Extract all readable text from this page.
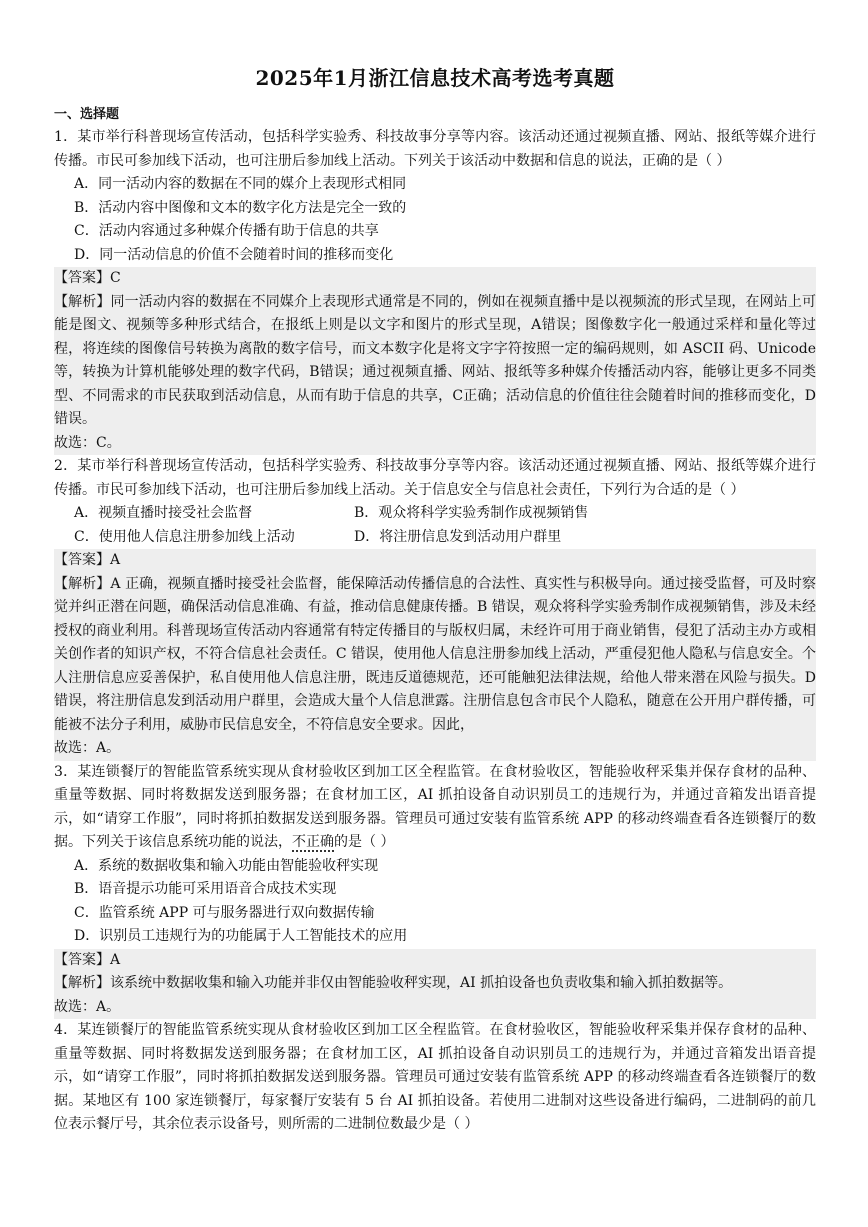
2025年1月浙江信息技术高考选考真题
一、选择题

1．某市举行科普现场宣传活动，包括科学实验秀、科技故事分享等内容。该活动还通过视频直播、网站、报纸等媒介进行传播。市民可参加线下活动，也可注册后参加线上活动。下列关于该活动中数据和信息的说法，正确的是（ ）

A．同一活动内容的数据在不同的媒介上表现形式相同
B．活动内容中图像和文本的数字化方法是完全一致的
C．活动内容通过多种媒介传播有助于信息的共享
D．同一活动信息的价值不会随着时间的推移而变化

【答案】C

【解析】同一活动内容的数据在不同媒介上表现形式通常是不同的，例如在视频直播中是以视频流的形式呈现，在网站上可能是图文、视频等多种形式结合，在报纸上则是以文字和图片的形式呈现，A错误；图像数字化一般通过采样和量化等过程，将连续的图像信号转换为离散的数字信号，而文本数字化是将文字字符按照一定的编码规则，如 ASCII 码、Unicode 等，转换为计算机能够处理的数字代码，B错误；通过视频直播、网站、报纸等多种媒介传播活动内容，能够让更多不同类型、不同需求的市民获取到活动信息，从而有助于信息的共享，C正确；活动信息的价值往往会随着时间的推移而变化，D错误。

故选：C。

2．某市举行科普现场宣传活动，包括科学实验秀、科技故事分享等内容。该活动还通过视频直播、网站、报纸等媒介进行传播。市民可参加线下活动，也可注册后参加线上活动。关于信息安全与信息社会责任，下列行为合适的是（ ）

A．视频直播时接受社会监督	B．观众将科学实验秀制作成视频销售
C．使用他人信息注册参加线上活动	D．将注册信息发到活动用户群里

【答案】A

【解析】A 正确，视频直播时接受社会监督，能保障活动传播信息的合法性、真实性与积极导向。通过接受监督，可及时察觉并纠正潜在问题，确保活动信息准确、有益，推动信息健康传播。B 错误，观众将科学实验秀制作成视频销售，涉及未经授权的商业利用。科普现场宣传活动内容通常有特定传播目的与版权归属，未经许可用于商业销售，侵犯了活动主办方或相关创作者的知识产权，不符合信息社会责任。C 错误，使用他人信息注册参加线上活动，严重侵犯他人隐私与信息安全。个人注册信息应妥善保护，私自使用他人信息注册，既违反道德规范，还可能触犯法律法规，给他人带来潜在风险与损失。D 错误，将注册信息发到活动用户群里，会造成大量个人信息泄露。注册信息包含市民个人隐私，随意在公开用户群传播，可能被不法分子利用，威胁市民信息安全，不符信息安全要求。因此，

故选：A。

3．某连锁餐厅的智能监管系统实现从食材验收区到加工区全程监管。在食材验收区，智能验收秤采集并保存食材的品种、重量等数据、同时将数据发送到服务器；在食材加工区，AI 抓拍设备自动识别员工的违规行为，并通过音箱发出语音提示，如“请穿工作服”，同时将抓拍数据发送到服务器。管理员可通过安装有监管系统 APP 的移动终端查看各连锁餐厅的数据。下列关于该信息系统功能的说法，不正确的是（ ）

A．系统的数据收集和输入功能由智能验收秤实现
B．语音提示功能可采用语音合成技术实现
C．监管系统 APP 可与服务器进行双向数据传输
D．识别员工违规行为的功能属于人工智能技术的应用

【答案】A

【解析】该系统中数据收集和输入功能并非仅由智能验收秤实现，AI 抓拍设备也负责收集和输入抓拍数据等。

故选：A。

4．某连锁餐厅的智能监管系统实现从食材验收区到加工区全程监管。在食材验收区，智能验收秤采集并保存食材的品种、重量等数据、同时将数据发送到服务器；在食材加工区，AI 抓拍设备自动识别员工的违规行为，并通过音箱发出语音提示，如“请穿工作服”，同时将抓拍数据发送到服务器。管理员可通过安装有监管系统 APP 的移动终端查看各连锁餐厅的数据。某地区有 100 家连锁餐厅，每家餐厅安装有 5 台 AI 抓拍设备。若使用二进制对这些设备进行编码，二进制码的前几位表示餐厅号，其余位表示设备号，则所需的二进制位数最少是（ ）
